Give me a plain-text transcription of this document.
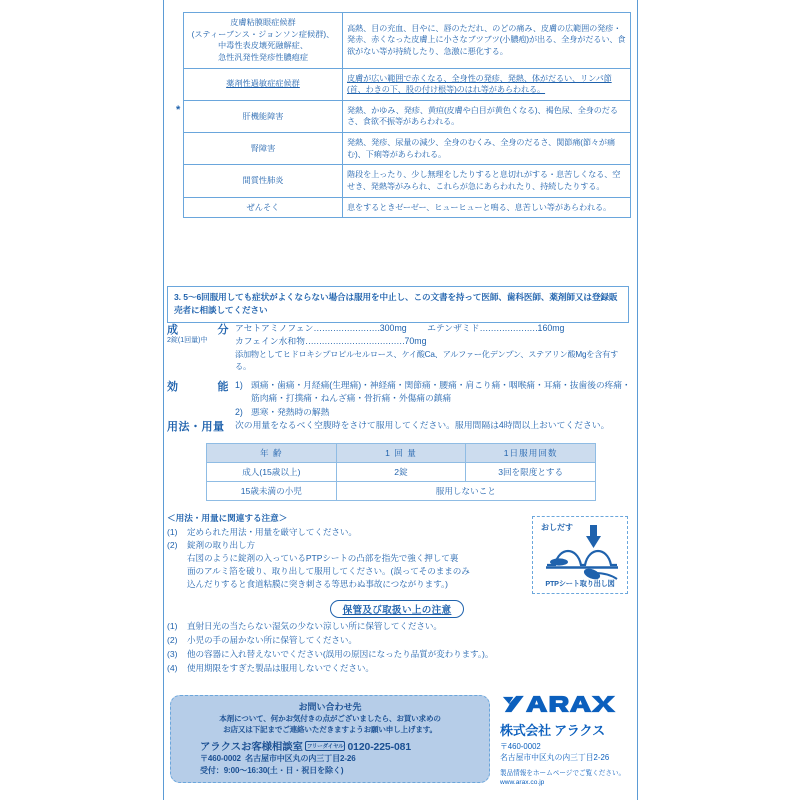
*
皮膚粘膜眼症候群
(スティーブンス・ジョンソン症候群)、
中毒性表皮壊死融解症、
急性汎発性発疹性膿疱症	高熱、目の充血、目やに、唇のただれ、のどの痛み、皮膚の広範囲の発疹・発赤、赤くなった皮膚上に小さなブツブツ(小膿疱)が出る、全身がだるい、食欲がない等が持続したり、急激に悪化する。
薬剤性過敏症症候群	皮膚が広い範囲で赤くなる、全身性の発疹、発熱、体がだるい、リンパ節(首、わきの下、股の付け根等)のはれ等があらわれる。
肝機能障害	発熱、かゆみ、発疹、黄疸(皮膚や白目が黄色くなる)、褐色尿、全身のだるさ、食欲不振等があらわれる。
腎障害	発熱、発疹、尿量の減少、全身のむくみ、全身のだるさ、関節痛(節々が痛む)、下痢等があらわれる。
間質性肺炎	階段を上ったり、少し無理をしたりすると息切れがする・息苦しくなる、空せき、発熱等がみられ、これらが急にあらわれたり、持続したりする。
ぜんそく	息をするときゼーゼー、ヒューヒューと鳴る、息苦しい等があらわれる。
3. 5〜6回服用しても症状がよくならない場合は服用を中止し、この文書を持って医師、歯科医師、薬剤師又は登録販売者に相談してください
成	分
2錠(1回量)中
アセトアミノフェン……………………300mg エテンザミド…………………160mg
カフェイン水和物………………………………70mg
添加物としてヒドロキシプロピルセルロース、ケイ酸Ca、アルファー化デンプン、ステアリン酸Mgを含有する。
効	能 1) 頭痛・歯痛・月経痛(生理痛)・神経痛・関節痛・腰痛・肩こり痛・咽喉痛・耳痛・抜歯後の疼痛・筋肉痛・打撲痛・ねんざ痛・骨折痛・外傷痛の鎮痛
2) 悪寒・発熱時の解熱
用法・用量 次の用量をなるべく空腹時をさけて服用してください。服用間隔は4時間以上おいてください。
年 齢	1 回 量	1日服用回数
成人(15歳以上)	2錠	3回を限度とする
15歳未満の小児	服用しないこと	
＜用法・用量に関連する注意＞
(1)	定められた用法・用量を厳守してください。
(2)	錠剤の取り出し方
右図のように錠剤の入っているPTPシートの凸部を指先で強く押して裏
面のアルミ箔を破り、取り出して服用してください。(誤ってそのままのみ
込んだりすると食道粘膜に突き刺さる等思わぬ事故につながります。)
おしだす
PTPシート取り出し図
保管及び取扱い上の注意
(1)	直射日光の当たらない湿気の少ない涼しい所に保管してください。
(2)	小児の手の届かない所に保管してください。
(3)	他の容器に入れ替えないでください(誤用の原因になったり品質が変わります。)。
(4)	使用期限をすぎた製品は服用しないでください。
お問い合わせ先
本剤について、何かお気付きの点がございましたら、お買い求めの
お店又は下記までご連絡いただきますようお願い申し上げます。
アラクスお客様相談室 フリーダイヤル 0120-225-081
〒460-0002 名古屋市中区丸の内三丁目2-26
受付：9:00〜16:30(土・日・祝日を除く)
株式会社 アラクス
〒460-0002
名古屋市中区丸の内三丁目2-26
製品情報をホームページでご覧ください。
www.arax.co.jp
